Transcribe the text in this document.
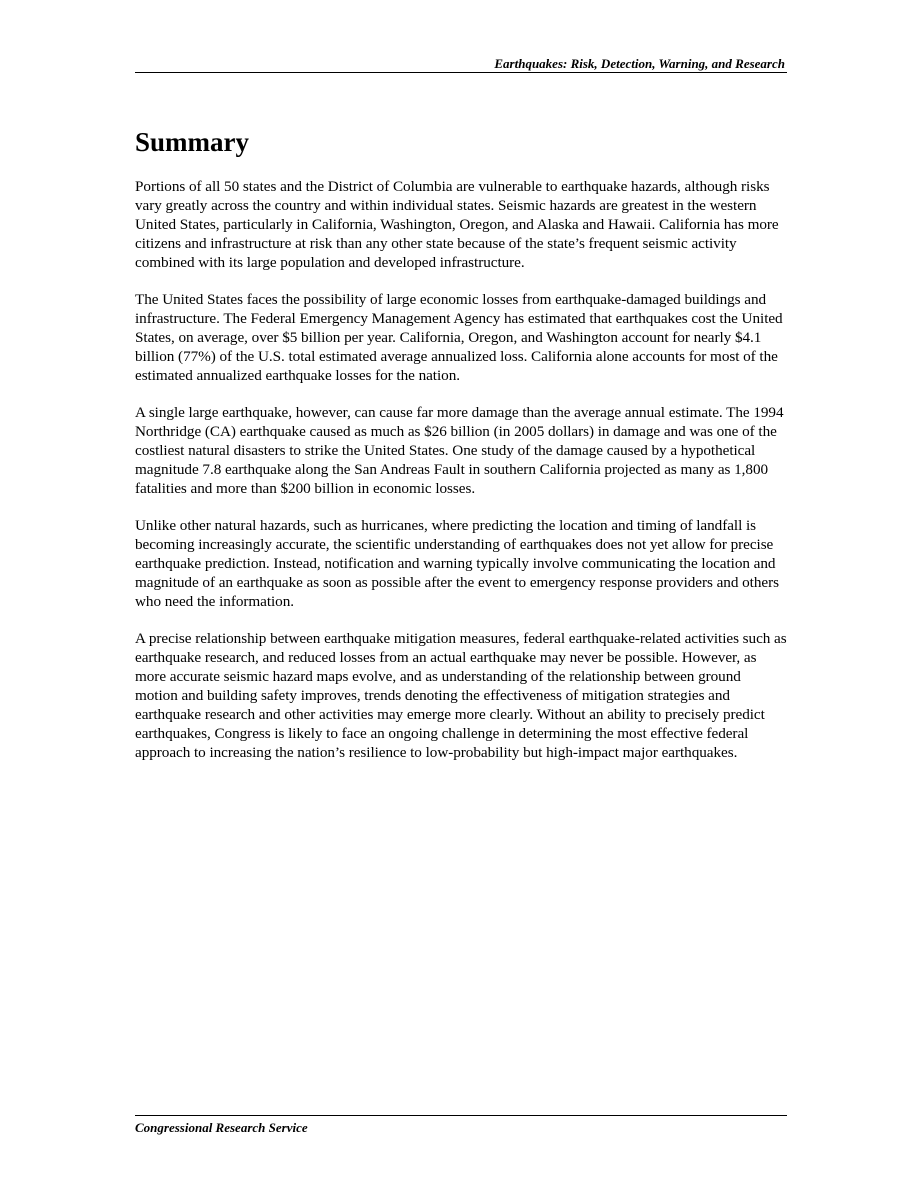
Earthquakes: Risk, Detection, Warning, and Research
Summary

Portions of all 50 states and the District of Columbia are vulnerable to earthquake hazards, although risks vary greatly across the country and within individual states. Seismic hazards are greatest in the western United States, particularly in California, Washington, Oregon, and Alaska and Hawaii. California has more citizens and infrastructure at risk than any other state because of the state’s frequent seismic activity combined with its large population and developed infrastructure.

The United States faces the possibility of large economic losses from earthquake-damaged buildings and infrastructure. The Federal Emergency Management Agency has estimated that earthquakes cost the United States, on average, over $5 billion per year. California, Oregon, and Washington account for nearly $4.1 billion (77%) of the U.S. total estimated average annualized loss. California alone accounts for most of the estimated annualized earthquake losses for the nation.

A single large earthquake, however, can cause far more damage than the average annual estimate. The 1994 Northridge (CA) earthquake caused as much as $26 billion (in 2005 dollars) in damage and was one of the costliest natural disasters to strike the United States. One study of the damage caused by a hypothetical magnitude 7.8 earthquake along the San Andreas Fault in southern California projected as many as 1,800 fatalities and more than $200 billion in economic losses.

Unlike other natural hazards, such as hurricanes, where predicting the location and timing of landfall is becoming increasingly accurate, the scientific understanding of earthquakes does not yet allow for precise earthquake prediction. Instead, notification and warning typically involve communicating the location and magnitude of an earthquake as soon as possible after the event to emergency response providers and others who need the information.

A precise relationship between earthquake mitigation measures, federal earthquake-related activities such as earthquake research, and reduced losses from an actual earthquake may never be possible. However, as more accurate seismic hazard maps evolve, and as understanding of the relationship between ground motion and building safety improves, trends denoting the effectiveness of mitigation strategies and earthquake research and other activities may emerge more clearly. Without an ability to precisely predict earthquakes, Congress is likely to face an ongoing challenge in determining the most effective federal approach to increasing the nation’s resilience to low-probability but high-impact major earthquakes.

Congressional Research Service
